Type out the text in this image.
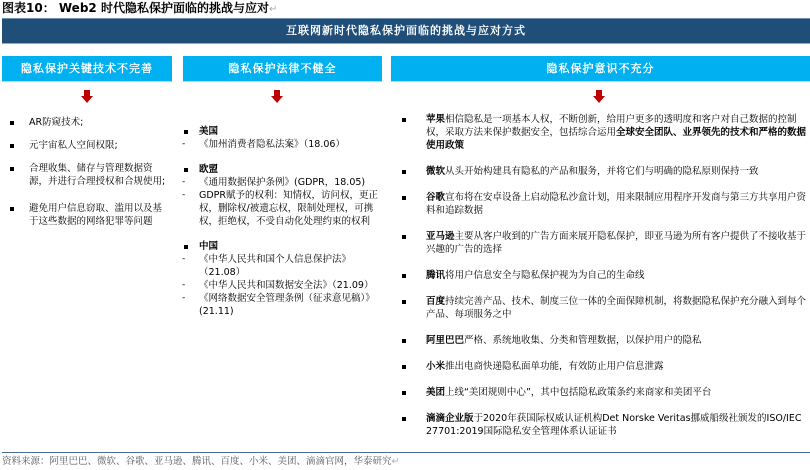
图表10： Web2 时代隐私保护面临的挑战与应对↵
互联网新时代隐私保护面临的挑战与应对方式
隐私保护关键技术不完善	隐私保护法律不健全	隐私保护意识不充分
AR防窥技术;
元宇宙私人空间权限;
合理收集、储存与管理数据资源，并进行合理授权和合规使用;
避免用户信息窃取、滥用以及基于这些数据的网络犯罪等问题
美国
-	《加州消费者隐私法案》（18.06）
欧盟
-	《通用数据保护条例》(GDPR，18.05)
-	GDPR赋予的权利：知情权，访问权，更正权，删除权/被遗忘权，限制处理权，可携权，拒绝权，不受自动化处理约束的权利
中国
-	《中华人民共和国个人信息保护法》（21.08）
-	《中华人民共和国数据安全法》（21.09）
-	《网络数据安全管理条例（征求意见稿）》(21.11)
苹果相信隐私是一项基本人权，不断创新，给用户更多的透明度和客户对自己数据的控制权，采取方法来保护数据安全，包括综合运用全球安全团队、业界领先的技术和严格的数据使用政策
微软从头开始构建具有隐私的产品和服务，并将它们与明确的隐私原则保持一致
谷歌宣布将在安卓设备上启动隐私沙盒计划，用来限制应用程序开发商与第三方共享用户资料和追踪数据
亚马逊主要从客户收到的广告方面来展开隐私保护，即亚马逊为所有客户提供了不接收基于兴趣的广告的选择
腾讯将用户信息安全与隐私保护视为为自己的生命线
百度持续完善产品、技术、制度三位一体的全面保障机制，将数据隐私保护充分融入到每个产品、每项服务之中
阿里巴巴严格、系统地收集、分类和管理数据，以保护用户的隐私
小米推出电商快递隐私面单功能，有效防止用户信息泄露
美团上线“美团规则中心”，其中包括隐私政策条约来商家和美团平台
滴滴企业版于2020年获国际权威认证机构Det Norske Veritas挪威船级社颁发的ISO/IEC 27701:2019国际隐私安全管理体系认证证书
资料来源：阿里巴巴、微软、谷歌、亚马逊、腾讯、百度、小米、美团、滴滴官网，华泰研究↵
